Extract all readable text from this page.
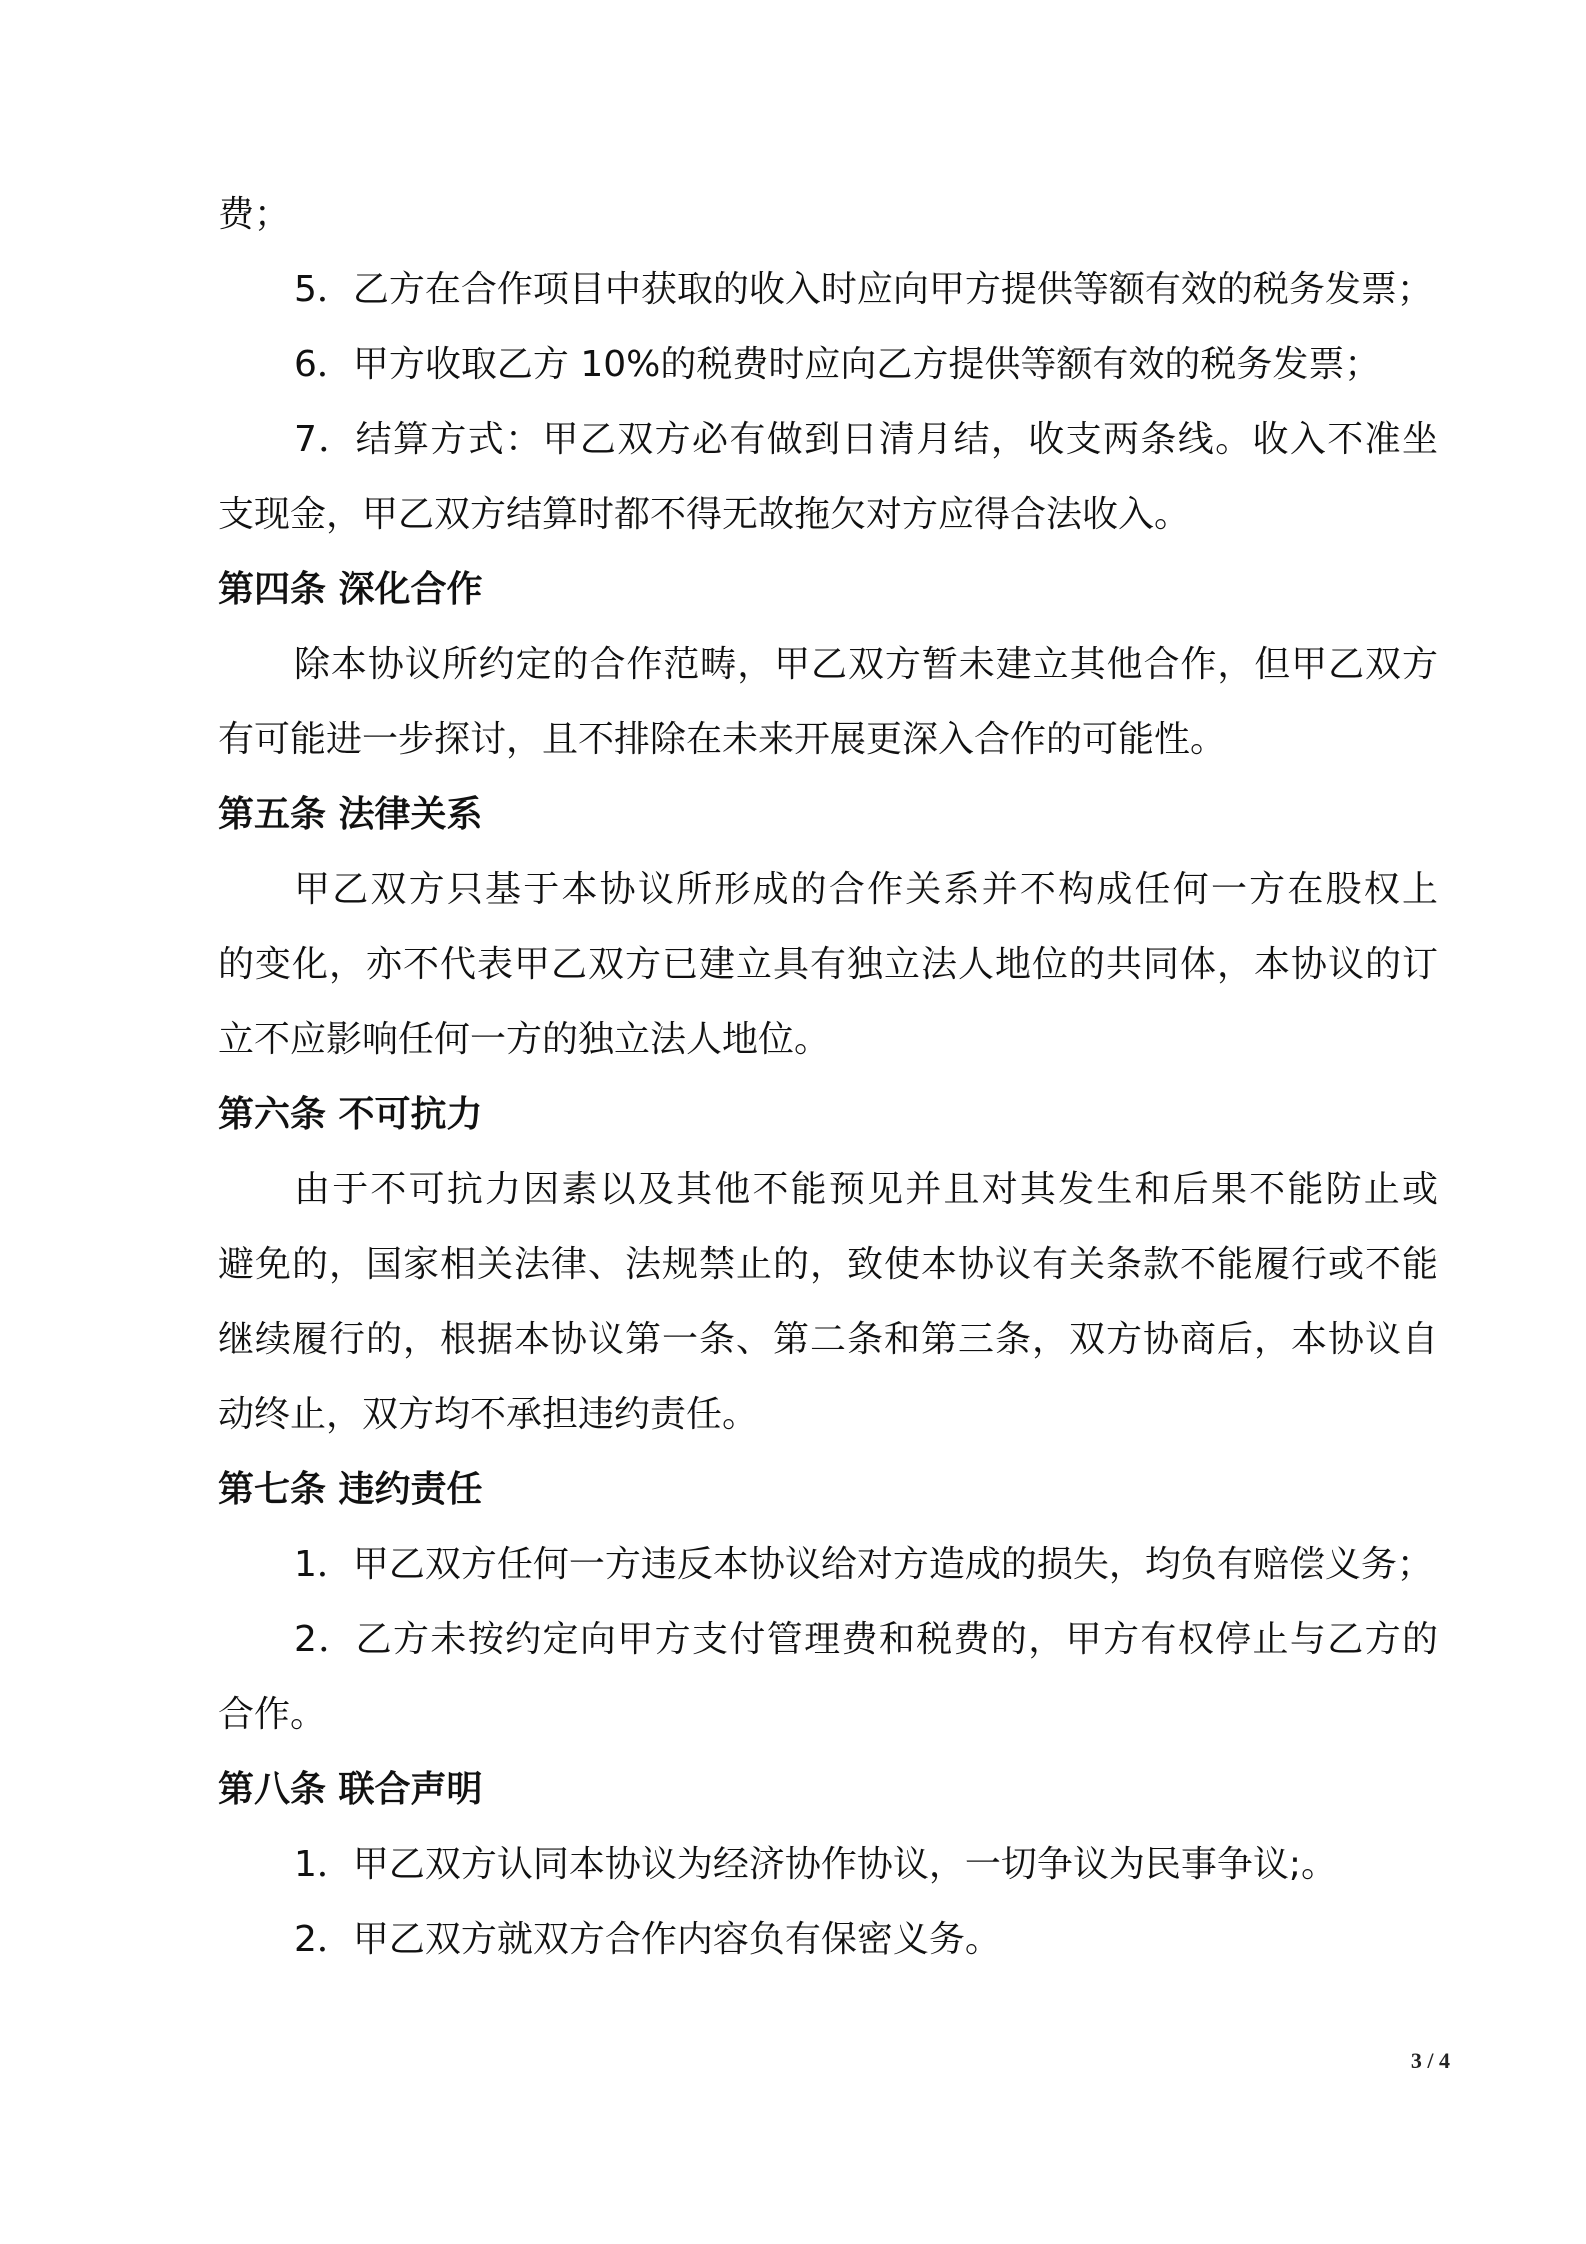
费；
5．乙方在合作项目中获取的收入时应向甲方提供等额有效的税务发票；
6．甲方收取乙方 10%的税费时应向乙方提供等额有效的税务发票；
7．结算方式：甲乙双方必有做到日清月结，收支两条线。收入不准坐
支现金，甲乙双方结算时都不得无故拖欠对方应得合法收入。
第四条 深化合作
除本协议所约定的合作范畴，甲乙双方暂未建立其他合作，但甲乙双方
有可能进一步探讨，且不排除在未来开展更深入合作的可能性。
第五条 法律关系
甲乙双方只基于本协议所形成的合作关系并不构成任何一方在股权上
的变化，亦不代表甲乙双方已建立具有独立法人地位的共同体，本协议的订
立不应影响任何一方的独立法人地位。
第六条 不可抗力
由于不可抗力因素以及其他不能预见并且对其发生和后果不能防止或
避免的，国家相关法律、法规禁止的，致使本协议有关条款不能履行或不能
继续履行的，根据本协议第一条、第二条和第三条，双方协商后，本协议自
动终止，双方均不承担违约责任。
第七条 违约责任
1．甲乙双方任何一方违反本协议给对方造成的损失，均负有赔偿义务；
2．乙方未按约定向甲方支付管理费和税费的，甲方有权停止与乙方的
合作。
第八条 联合声明
1．甲乙双方认同本协议为经济协作协议，一切争议为民事争议;。
2．甲乙双方就双方合作内容负有保密义务。
3 / 4
